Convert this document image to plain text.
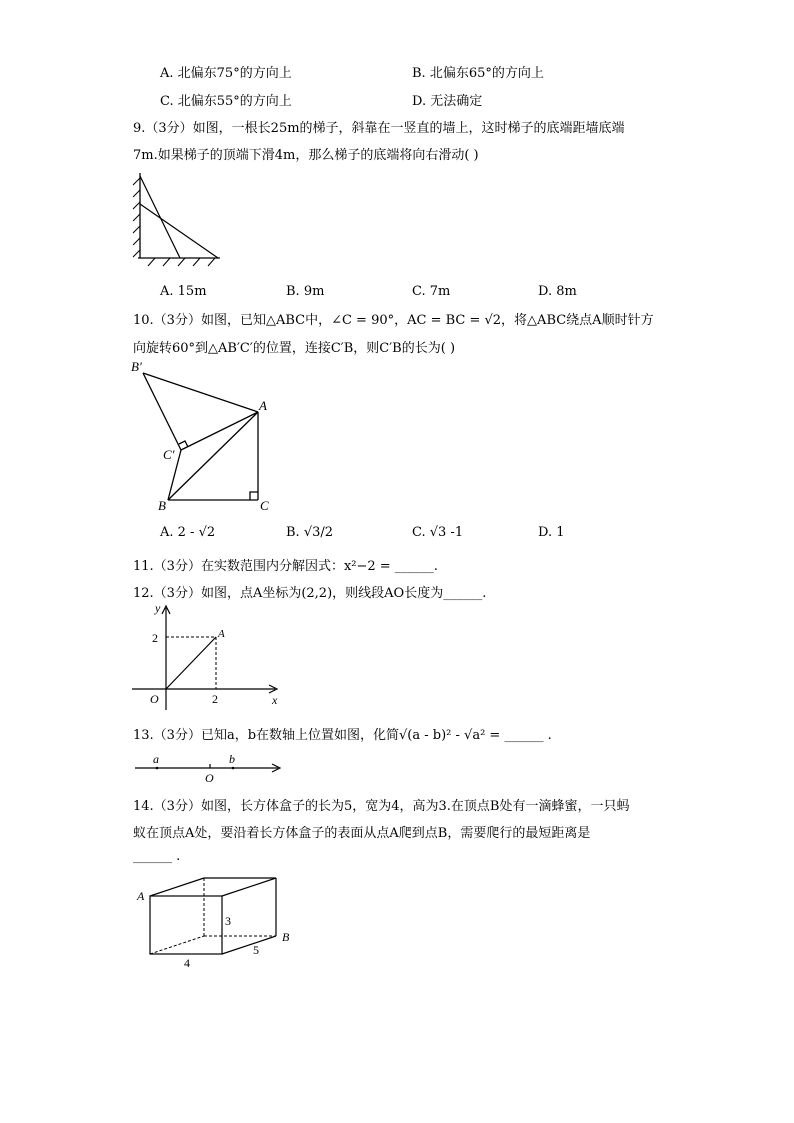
A. 北偏东75°的方向上	B. 北偏东65°的方向上
C. 北偏东55°的方向上	D. 无法确定
9.（3分）如图，一根长25m的梯子，斜靠在一竖直的墙上，这时梯子的底端距墙底端
7m.如果梯子的顶端下滑4m，那么梯子的底端将向右滑动( )
A. 15m	B. 9m	C. 7m	D. 8m
10.（3分）如图，已知△ABC中，∠C = 90°，AC = BC = √2，将△ABC绕点A顺时针方
向旋转60°到△AB′C′的位置，连接C′B，则C′B的长为( )
B′
A
C′
B	C
A. 2 - √2	B. √3/2	C. √3 -1	D. 1
11.（3分）在实数范围内分解因式：x²−2 = ______.
12.（3分）如图，点A坐标为(2,2)，则线段AO长度为______.
y
x
2
2
A
O
13.（3分）已知a，b在数轴上位置如图，化简√(a - b)² - √a² = ______ .
a	b
O
14.（3分）如图，长方体盒子的长为5，宽为4，高为3.在顶点B处有一滴蜂蜜，一只蚂
蚁在顶点A处，要沿着长方体盒子的表面从点A爬到点B，需要爬行的最短距离是
______ .
A
B
3
4
5
